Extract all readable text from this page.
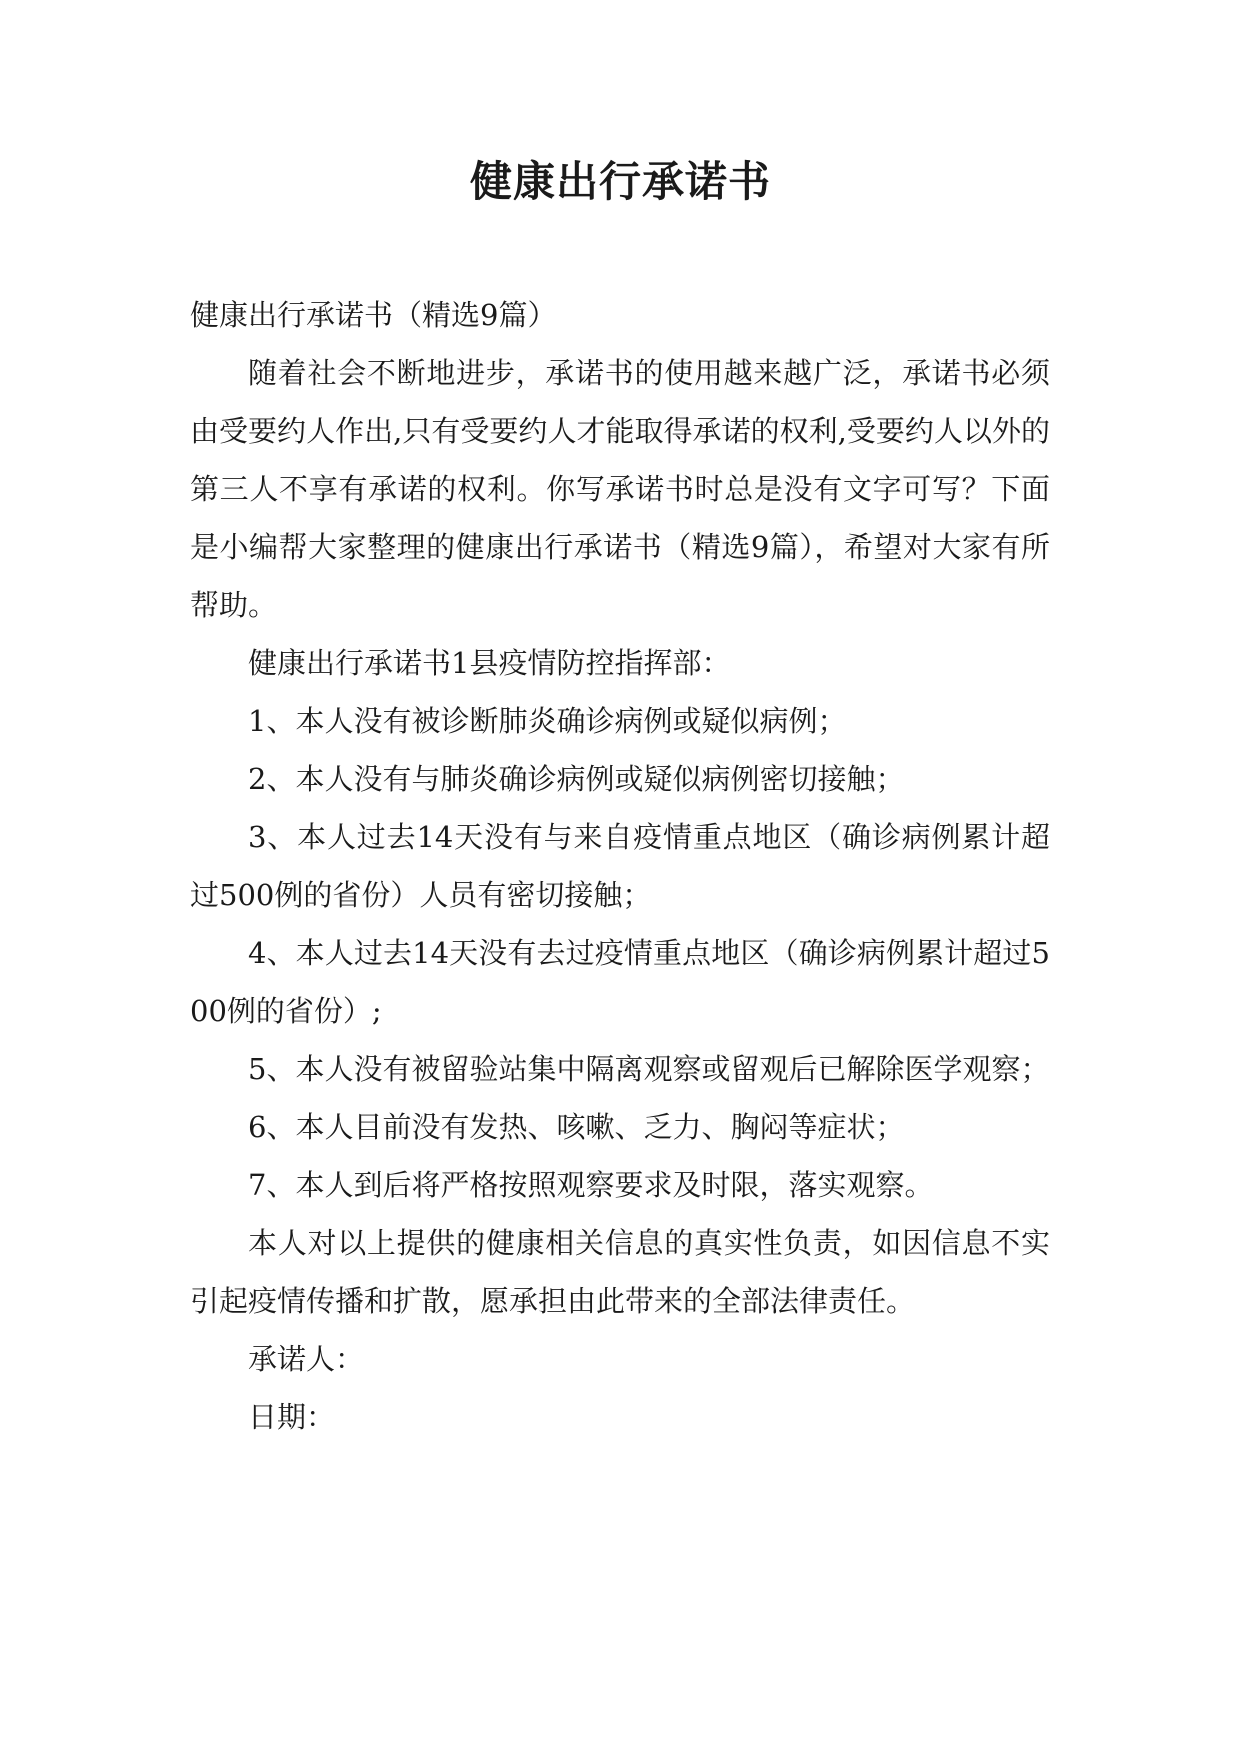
健康出行承诺书

健康出行承诺书（精选9篇）

随着社会不断地进步，承诺书的使用越来越广泛，承诺书必须由受要约人作出,只有受要约人才能取得承诺的权利,受要约人以外的第三人不享有承诺的权利。你写承诺书时总是没有文字可写？下面是小编帮大家整理的健康出行承诺书（精选9篇），希望对大家有所帮助。

健康出行承诺书1县疫情防控指挥部：

1、本人没有被诊断肺炎确诊病例或疑似病例；

2、本人没有与肺炎确诊病例或疑似病例密切接触；

3、本人过去14天没有与来自疫情重点地区（确诊病例累计超过500例的省份）人员有密切接触；

4、本人过去14天没有去过疫情重点地区（确诊病例累计超过500例的省份）;

5、本人没有被留验站集中隔离观察或留观后已解除医学观察；

6、本人目前没有发热、咳嗽、乏力、胸闷等症状；

7、本人到后将严格按照观察要求及时限，落实观察。

本人对以上提供的健康相关信息的真实性负责，如因信息不实引起疫情传播和扩散，愿承担由此带来的全部法律责任。

承诺人：

日期：
